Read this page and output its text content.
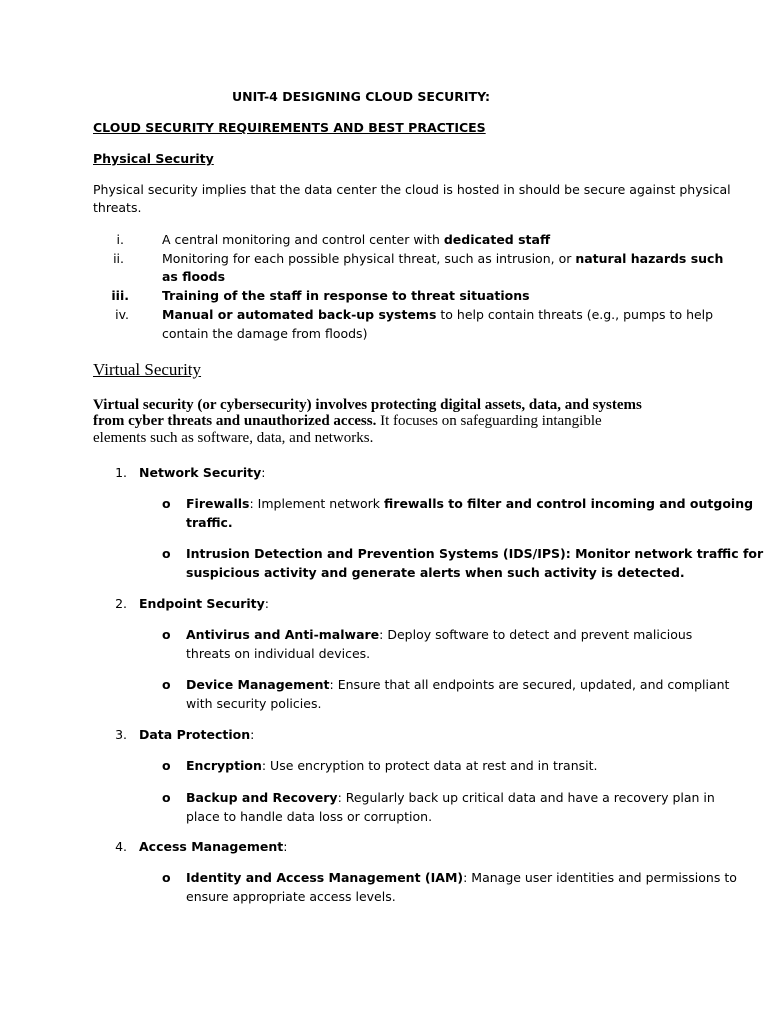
UNIT-4 DESIGNING CLOUD SECURITY:
CLOUD SECURITY REQUIREMENTS AND BEST PRACTICES
Physical Security
Physical security implies that the data center the cloud is hosted in should be secure against physical
threats.
i.	A central monitoring and control center with dedicated staff
ii.	Monitoring for each possible physical threat, such as intrusion, or natural hazards such
as floods
iii.	Training of the staff in response to threat situations
iv.	Manual or automated back-up systems to help contain threats (e.g., pumps to help
contain the damage from floods)
Virtual Security
Virtual security (or cybersecurity) involves protecting digital assets, data, and systems
from cyber threats and unauthorized access. It focuses on safeguarding intangible
elements such as software, data, and networks.
1. Network Security:
o Firewalls: Implement network firewalls to filter and control incoming and outgoing
traffic.
o Intrusion Detection and Prevention Systems (IDS/IPS): Monitor network traffic for
suspicious activity and generate alerts when such activity is detected.
2. Endpoint Security:
o Antivirus and Anti-malware: Deploy software to detect and prevent malicious
threats on individual devices.
o Device Management: Ensure that all endpoints are secured, updated, and compliant
with security policies.
3. Data Protection:
o Encryption: Use encryption to protect data at rest and in transit.
o Backup and Recovery: Regularly back up critical data and have a recovery plan in
place to handle data loss or corruption.
4. Access Management:
o Identity and Access Management (IAM): Manage user identities and permissions to
ensure appropriate access levels.
